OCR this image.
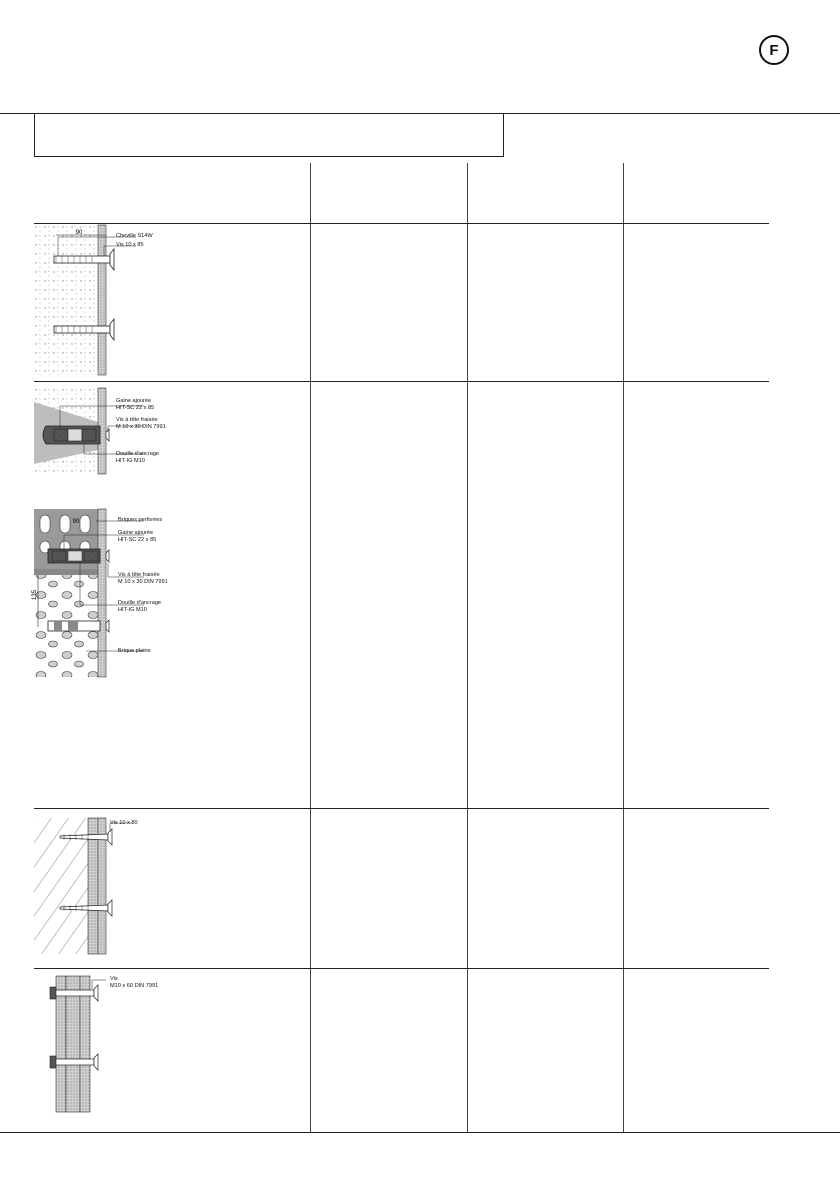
F
90	Cheville S14W
Vis 10 x 85
Gaine ajourée
HIT-SC 22 x 85
Vis à tête fraisée
M 10 x 30 DIN 7991
Douille d'ancrage
HIT-IG M10
90
135
Briques perforées
Gaine ajourée
HIT-SC 22 x 85
Vis à tête fraisée
M 10 x 30 DIN 7991
Douille d'ancrage
HIT-IG M10
Brique pleine
Vis 10 x 80
Vis
M10 x 60 DIN 7991
